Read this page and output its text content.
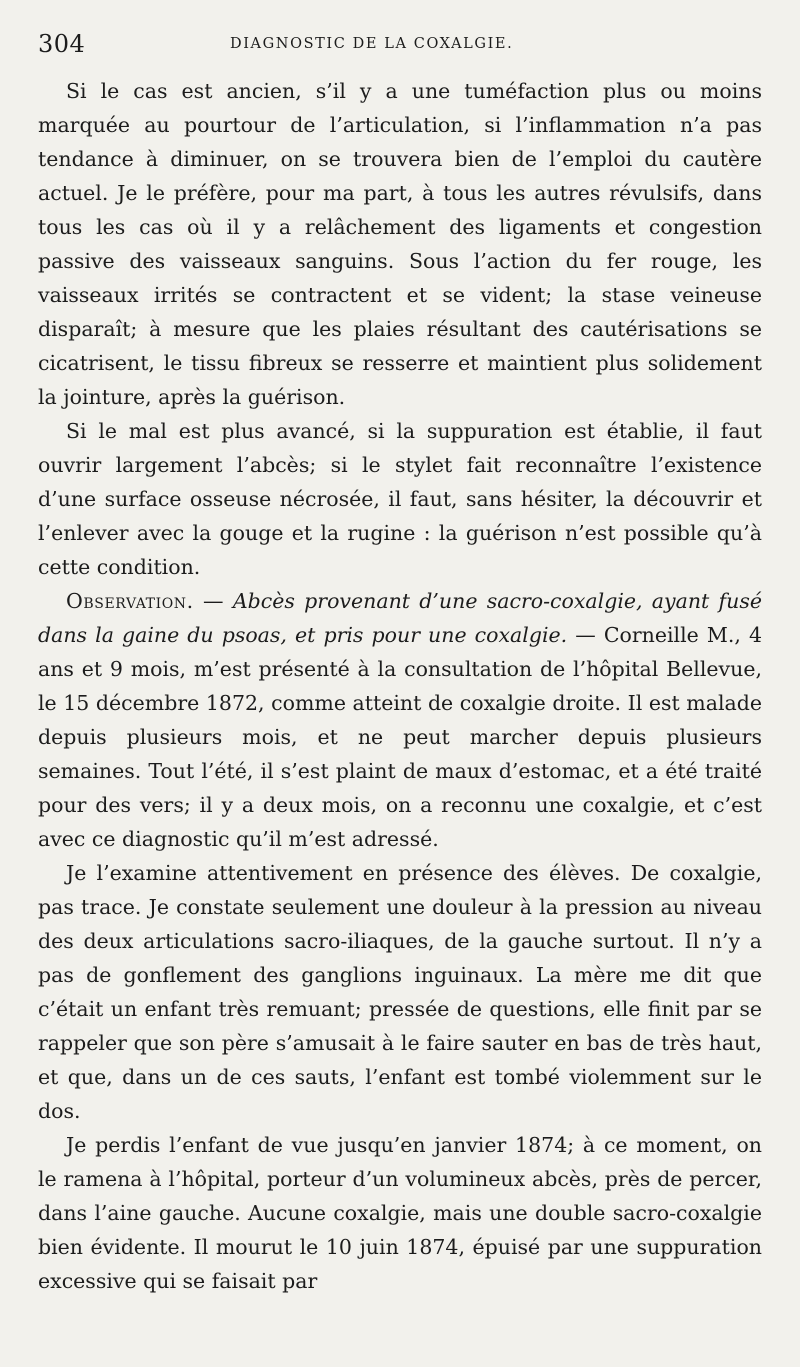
304	DIAGNOSTIC DE LA COXALGIE.

Si le cas est ancien, s’il y a une tuméfaction plus ou moins marquée au pourtour de l’articulation, si l’inflammation n’a pas tendance à diminuer, on se trouvera bien de l’emploi du cautère actuel. Je le préfère, pour ma part, à tous les autres révulsifs, dans tous les cas où il y a relâchement des ligaments et congestion passive des vaisseaux sanguins. Sous l’action du fer rouge, les vaisseaux irrités se contractent et se vident; la stase veineuse disparaît; à mesure que les plaies résultant des cautérisations se cicatrisent, le tissu fibreux se resserre et maintient plus solidement la jointure, après la guérison.

Si le mal est plus avancé, si la suppuration est établie, il faut ouvrir largement l’abcès; si le stylet fait reconnaître l’existence d’une surface osseuse nécrosée, il faut, sans hésiter, la découvrir et l’enlever avec la gouge et la rugine : la guérison n’est possible qu’à cette condition.

Observation. — Abcès provenant d’une sacro-coxalgie, ayant fusé dans la gaine du psoas, et pris pour une coxalgie. — Corneille M., 4 ans et 9 mois, m’est présenté à la consultation de l’hôpital Bellevue, le 15 décembre 1872, comme atteint de coxalgie droite. Il est malade depuis plusieurs mois, et ne peut marcher depuis plusieurs semaines. Tout l’été, il s’est plaint de maux d’estomac, et a été traité pour des vers; il y a deux mois, on a reconnu une coxalgie, et c’est avec ce diagnostic qu’il m’est adressé.

Je l’examine attentivement en présence des élèves. De coxalgie, pas trace. Je constate seulement une douleur à la pression au niveau des deux articulations sacro-iliaques, de la gauche surtout. Il n’y a pas de gonflement des ganglions inguinaux. La mère me dit que c’était un enfant très remuant; pressée de questions, elle finit par se rappeler que son père s’amusait à le faire sauter en bas de très haut, et que, dans un de ces sauts, l’enfant est tombé violemment sur le dos.

Je perdis l’enfant de vue jusqu’en janvier 1874; à ce moment, on le ramena à l’hôpital, porteur d’un volumineux abcès, près de percer, dans l’aine gauche. Aucune coxalgie, mais une double sacro-coxalgie bien évidente. Il mourut le 10 juin 1874, épuisé par une suppuration excessive qui se faisait par
